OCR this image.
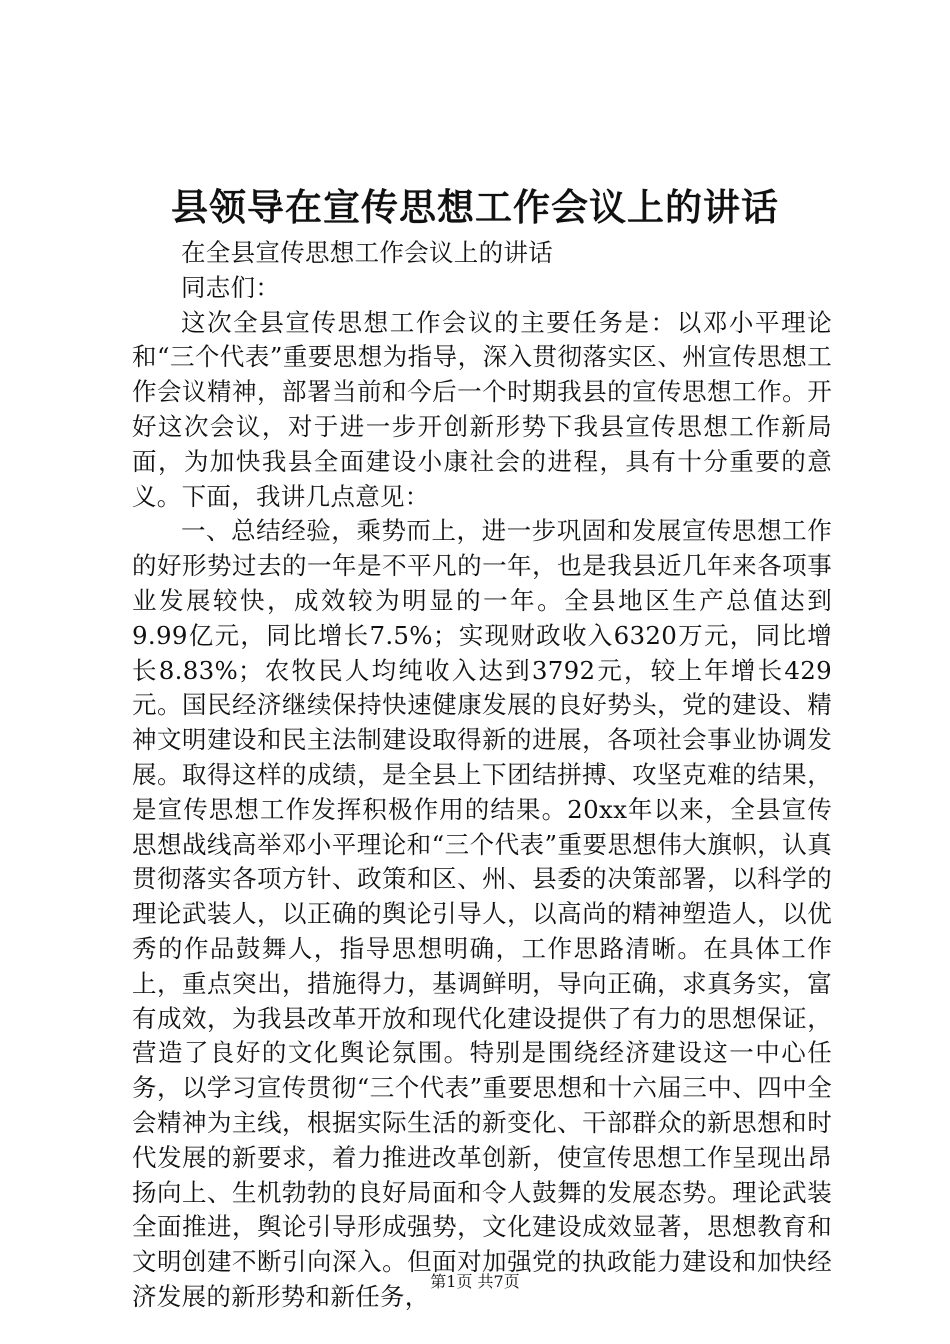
县领导在宣传思想工作会议上的讲话

在全县宣传思想工作会议上的讲话

同志们：

这次全县宣传思想工作会议的主要任务是：以邓小平理论和“三个代表”重要思想为指导，深入贯彻落实区、州宣传思想工作会议精神，部署当前和今后一个时期我县的宣传思想工作。开好这次会议，对于进一步开创新形势下我县宣传思想工作新局面，为加快我县全面建设小康社会的进程，具有十分重要的意义。下面，我讲几点意见：

一、总结经验，乘势而上，进一步巩固和发展宣传思想工作的好形势过去的一年是不平凡的一年，也是我县近几年来各项事业发展较快，成效较为明显的一年。全县地区生产总值达到9.99亿元，同比增长7.5%；实现财政收入6320万元，同比增长8.83%；农牧民人均纯收入达到3792元，较上年增长429元。国民经济继续保持快速健康发展的良好势头，党的建设、精神文明建设和民主法制建设取得新的进展，各项社会事业协调发展。取得这样的成绩，是全县上下团结拼搏、攻坚克难的结果，是宣传思想工作发挥积极作用的结果。20xx年以来，全县宣传思想战线高举邓小平理论和“三个代表”重要思想伟大旗帜，认真贯彻落实各项方针、政策和区、州、县委的决策部署，以科学的理论武装人，以正确的舆论引导人，以高尚的精神塑造人，以优秀的作品鼓舞人，指导思想明确，工作思路清晰。在具体工作上，重点突出，措施得力，基调鲜明，导向正确，求真务实，富有成效，为我县改革开放和现代化建设提供了有力的思想保证，营造了良好的文化舆论氛围。特别是围绕经济建设这一中心任务，以学习宣传贯彻“三个代表”重要思想和十六届三中、四中全会精神为主线，根据实际生活的新变化、干部群众的新思想和时代发展的新要求，着力推进改革创新，使宣传思想工作呈现出昂扬向上、生机勃勃的良好局面和令人鼓舞的发展态势。理论武装全面推进，舆论引导形成强势，文化建设成效显著，思想教育和文明创建不断引向深入。但面对加强党的执政能力建设和加快经济发展的新形势和新任务，

第1页 共7页
